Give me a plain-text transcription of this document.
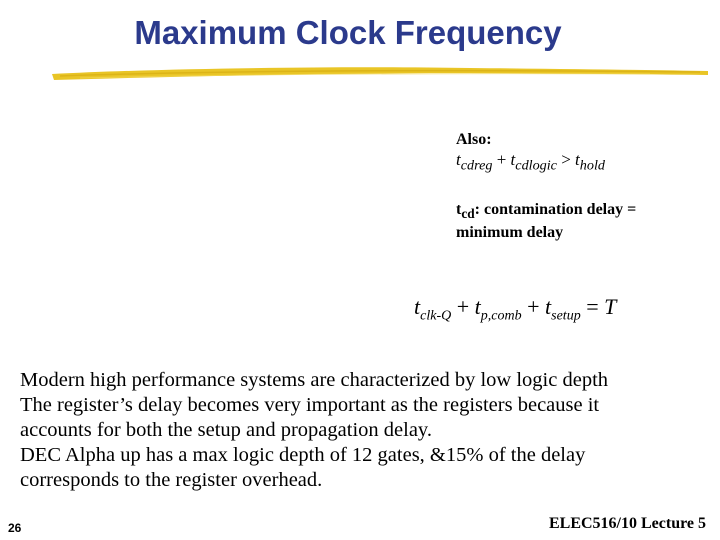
Maximum Clock Frequency
Also:
$t_{cdreg} + t_{cdlogic} > t_{hold}$
$t_{cd}$: contamination delay =
minimum delay
$t_{clk-Q} + t_{p,comb} + t_{setup} = T$
Modern high performance systems are characterized by low logic depth
The register’s delay becomes very important as the registers because it
accounts for both the setup and propagation delay.
DEC Alpha up has a max logic depth of 12 gates, &15% of the delay
corresponds to the register overhead.
26	ELEC516/10 Lecture 5
